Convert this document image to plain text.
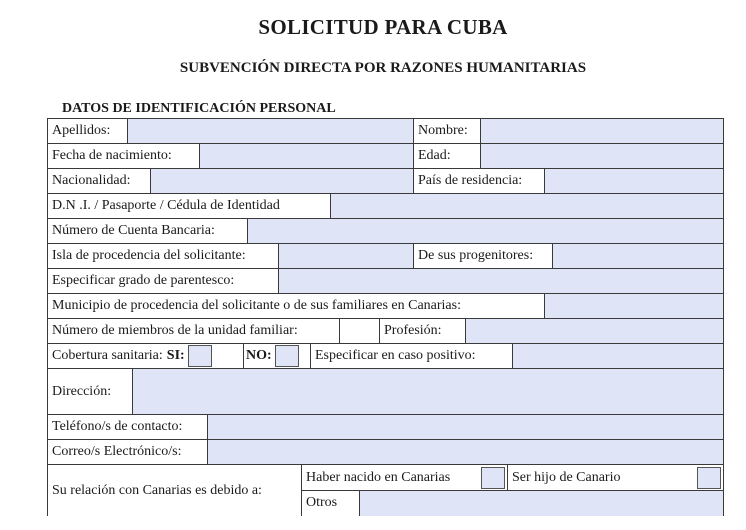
SOLICITUD PARA CUBA
SUBVENCIÓN DIRECTA POR RAZONES HUMANITARIAS
DATOS DE IDENTIFICACIÓN PERSONAL
Apellidos:	Nombre:
Fecha de nacimiento:	Edad:
Nacionalidad:	País de residencia:
D.N .I. / Pasaporte / Cédula de Identidad
Número de Cuenta Bancaria:
Isla de procedencia del solicitante:	De sus progenitores:
Especificar grado de parentesco:
Municipio de procedencia del solicitante o de sus familiares en Canarias:
Número de miembros de la unidad familiar:	Profesión:
Cobertura sanitaria: SI:	NO:	Especificar en caso positivo:
Dirección:
Teléfono/s de contacto:
Correo/s Electrónico/s:
Su relación con Canarias es debido a:
Haber nacido en Canarias	Ser hijo de Canario
Otros
